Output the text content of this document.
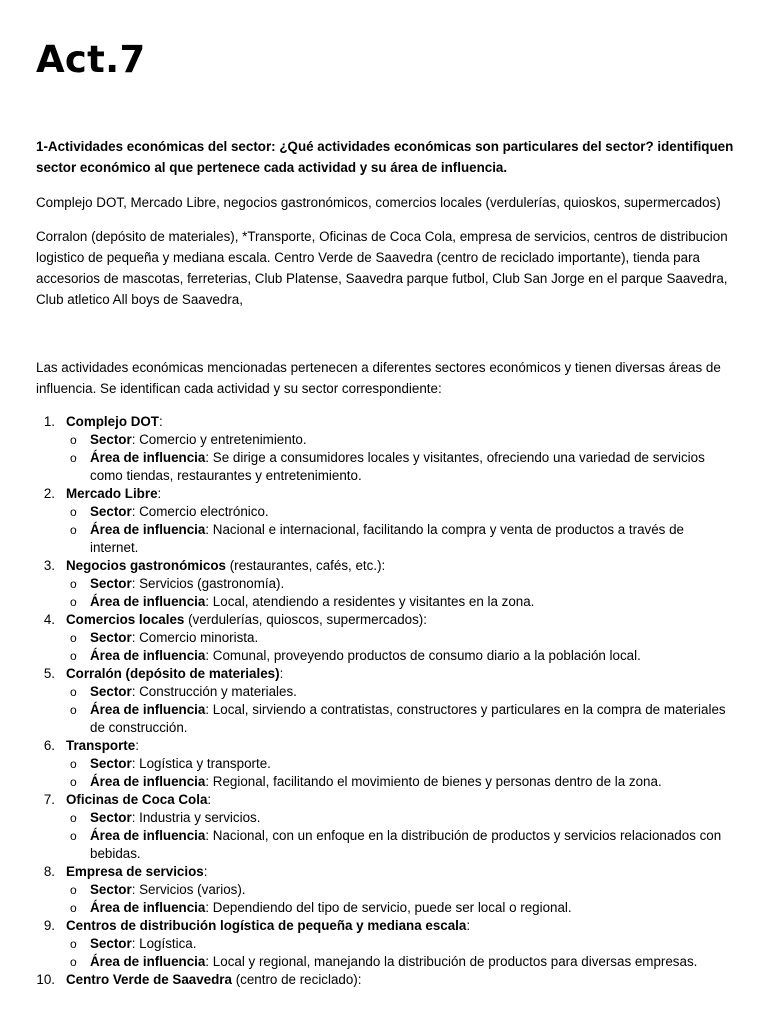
Act.7
1-Actividades económicas del sector: ¿Qué actividades económicas son particulares del sector? identifiquen sector económico al que pertenece cada actividad y su área de influencia.
Complejo DOT, Mercado Libre, negocios gastronómicos, comercios locales (verdulerías, quioskos, supermercados)
Corralon (depósito de materiales), *Transporte, Oficinas de Coca Cola, empresa de servicios, centros de distribucion logistico de pequeña y mediana escala. Centro Verde de Saavedra (centro de reciclado importante), tienda para accesorios de mascotas, ferreterias, Club Platense, Saavedra parque futbol, Club San Jorge en el parque Saavedra, Club atletico All boys de Saavedra,
Las actividades económicas mencionadas pertenecen a diferentes sectores económicos y tienen diversas áreas de influencia. Se identifican cada actividad y su sector correspondiente:
1. Complejo DOT:
o Sector: Comercio y entretenimiento.
o Área de influencia: Se dirige a consumidores locales y visitantes, ofreciendo una variedad de servicios como tiendas, restaurantes y entretenimiento.
2. Mercado Libre:
o Sector: Comercio electrónico.
o Área de influencia: Nacional e internacional, facilitando la compra y venta de productos a través de internet.
3. Negocios gastronómicos (restaurantes, cafés, etc.):
o Sector: Servicios (gastronomía).
o Área de influencia: Local, atendiendo a residentes y visitantes en la zona.
4. Comercios locales (verdulerías, quioscos, supermercados):
o Sector: Comercio minorista.
o Área de influencia: Comunal, proveyendo productos de consumo diario a la población local.
5. Corralón (depósito de materiales):
o Sector: Construcción y materiales.
o Área de influencia: Local, sirviendo a contratistas, constructores y particulares en la compra de materiales de construcción.
6. Transporte:
o Sector: Logística y transporte.
o Área de influencia: Regional, facilitando el movimiento de bienes y personas dentro de la zona.
7. Oficinas de Coca Cola:
o Sector: Industria y servicios.
o Área de influencia: Nacional, con un enfoque en la distribución de productos y servicios relacionados con bebidas.
8. Empresa de servicios:
o Sector: Servicios (varios).
o Área de influencia: Dependiendo del tipo de servicio, puede ser local o regional.
9. Centros de distribución logística de pequeña y mediana escala:
o Sector: Logística.
o Área de influencia: Local y regional, manejando la distribución de productos para diversas empresas.
10. Centro Verde de Saavedra (centro de reciclado):
